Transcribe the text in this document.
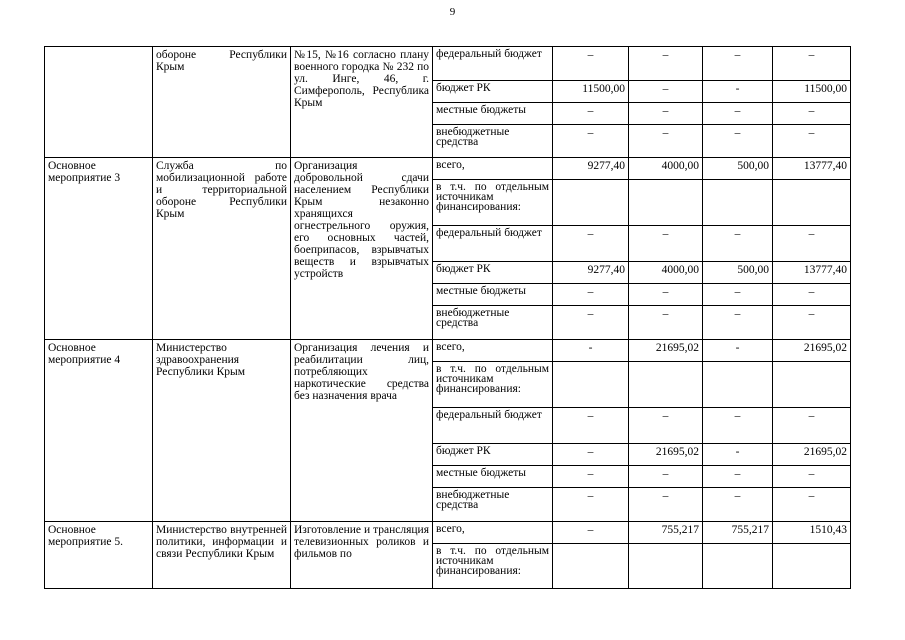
9
	обороне Республики Крым	№15, №16 согласно плану военного городка № 232 по ул. Инге, 46, г. Симферополь, Республика Крым	федеральный бюджет	–	–	–	–
			бюджет РК	11500,00	–	-	11500,00
			местные бюджеты	–	–	–	–
			внебюджетные средства	–	–	–	–
Основное мероприятие 3	Служба по мобилизационной работе и территориальной обороне Республики Крым	Организация добровольной сдачи населением Республики Крым незаконно хранящихся огнестрельного оружия, его основных частей, боеприпасов, взрывчатых веществ и взрывчатых устройств	всего,	9277,40	4000,00	500,00	13777,40
			в т.ч. по отдельным источникам финансирования:				
			федеральный бюджет	–	–	–	–
			бюджет РК	9277,40	4000,00	500,00	13777,40
			местные бюджеты	–	–	–	–
			внебюджетные средства	–	–	–	–
Основное мероприятие 4	Министерство здравоохранения Республики Крым	Организация лечения и реабилитации лиц, потребляющих наркотические средства без назначения врача	всего,	-	21695,02	-	21695,02
			в т.ч. по отдельным источникам финансирования:				
			федеральный бюджет	–	–	–	–
			бюджет РК	–	21695,02	-	21695,02
			местные бюджеты	–	–	–	–
			внебюджетные средства	–	–	–	–
Основное мероприятие 5.	Министерство внутренней политики, информации и связи Республики Крым	Изготовление и трансляция телевизионных роликов и фильмов по	всего,	–	755,217	755,217	1510,43
			в т.ч. по отдельным источникам финансирования:				
